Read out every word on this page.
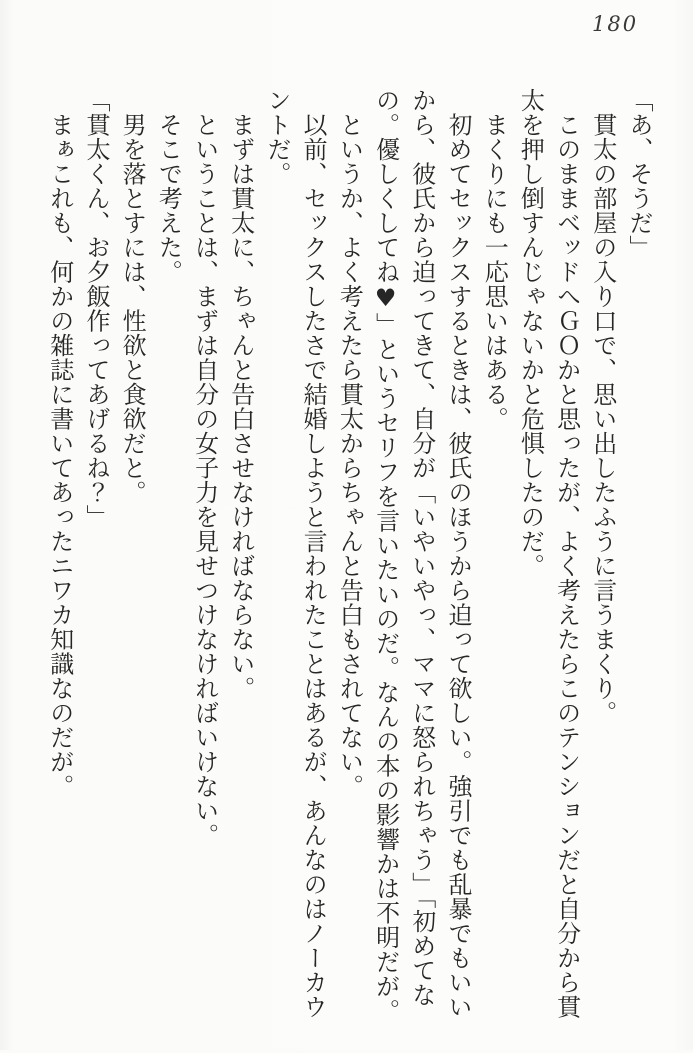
180
「あ、そうだ」
　貫太の部屋の入り口で、思い出したふうに言うまくり。
　このままベッドへＧＯかと思ったが、よく考えたらこのテンションだと自分から貫
太を押し倒すんじゃないかと危惧したのだ。
　まくりにも一応思いはある。
　初めてセックスするときは、彼氏のほうから迫って欲しい。強引でも乱暴でもいい
から、彼氏から迫ってきて、自分が「いやいやっ、ママに怒られちゃう」「初めてな
の。優しくしてね♥」というセリフを言いたいのだ。なんの本の影響かは不明だが。
　というか、よく考えたら貫太からちゃんと告白もされてない。
　以前、セックスしたさで結婚しようと言われたことはあるが、あんなのはノーカウ
ントだ。
　まずは貫太に、ちゃんと告白させなければならない。
　ということは、まずは自分の女子力を見せつけなければいけない。
　そこで考えた。
　男を落とすには、性欲と食欲だと。
「貫太くん、お夕飯作ってあげるね？」
　まぁこれも、何かの雑誌に書いてあったニワカ知識なのだが。
